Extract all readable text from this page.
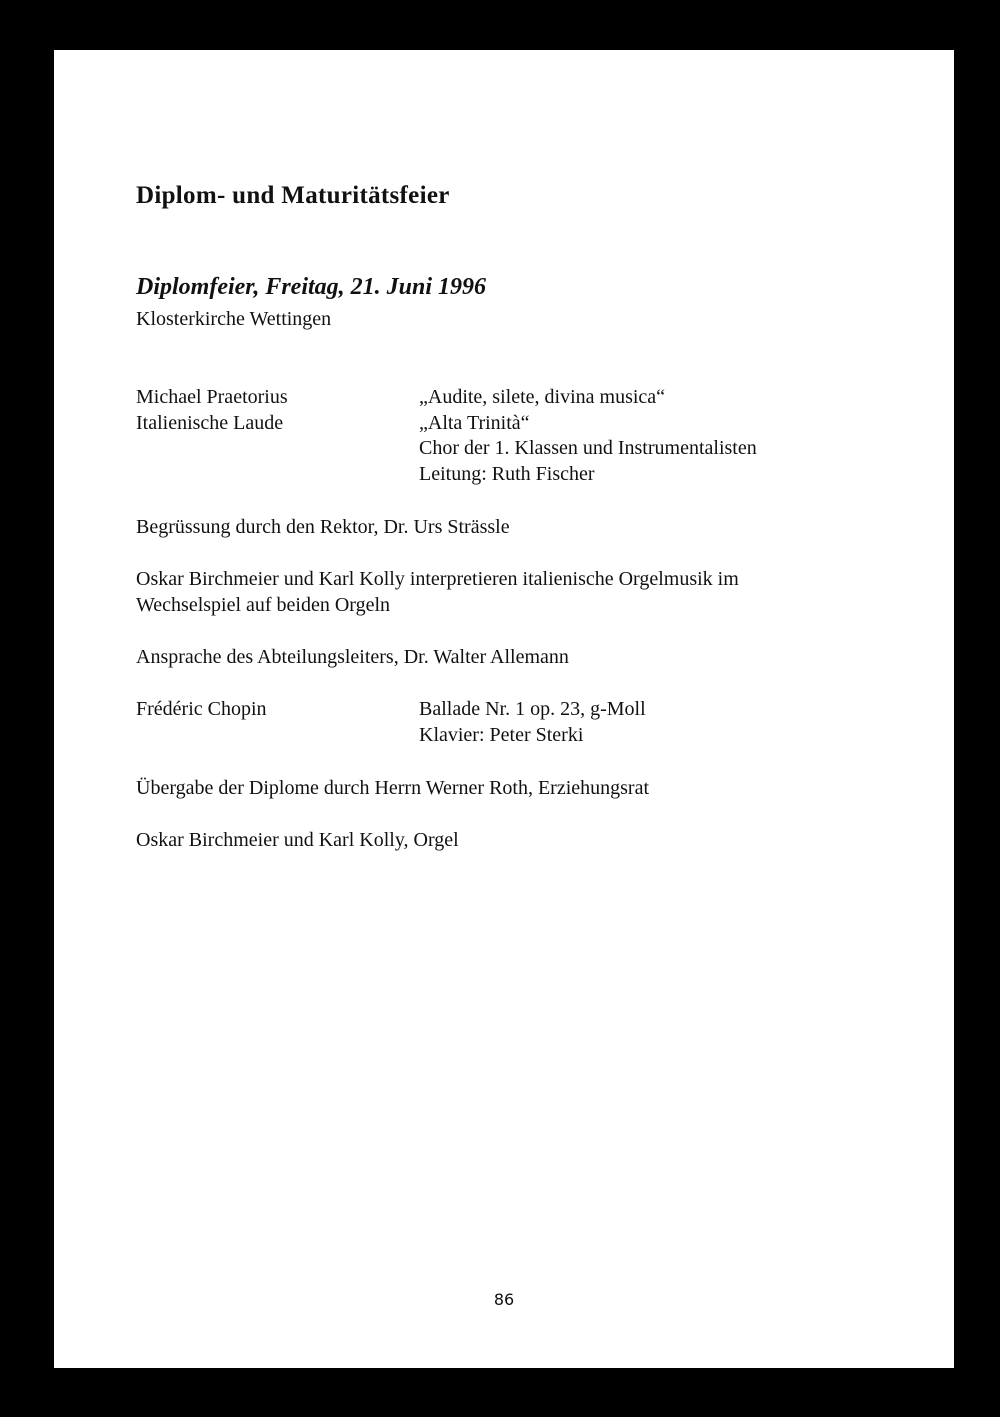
Diplom- und Maturitätsfeier
Diplomfeier, Freitag, 21. Juni 1996
Klosterkirche Wettingen
Michael Praetorius
Italienische Laude
„Audite, silete, divina musica“
„Alta Trinità“
Chor der 1. Klassen und Instrumentalisten
Leitung: Ruth Fischer
Begrüssung durch den Rektor, Dr. Urs Strässle
Oskar Birchmeier und Karl Kolly interpretieren italienische Orgelmusik im
Wechselspiel auf beiden Orgeln
Ansprache des Abteilungsleiters, Dr. Walter Allemann
Frédéric Chopin	Ballade Nr. 1 op. 23, g-Moll
Klavier: Peter Sterki
Übergabe der Diplome durch Herrn Werner Roth, Erziehungsrat
Oskar Birchmeier und Karl Kolly, Orgel
86
